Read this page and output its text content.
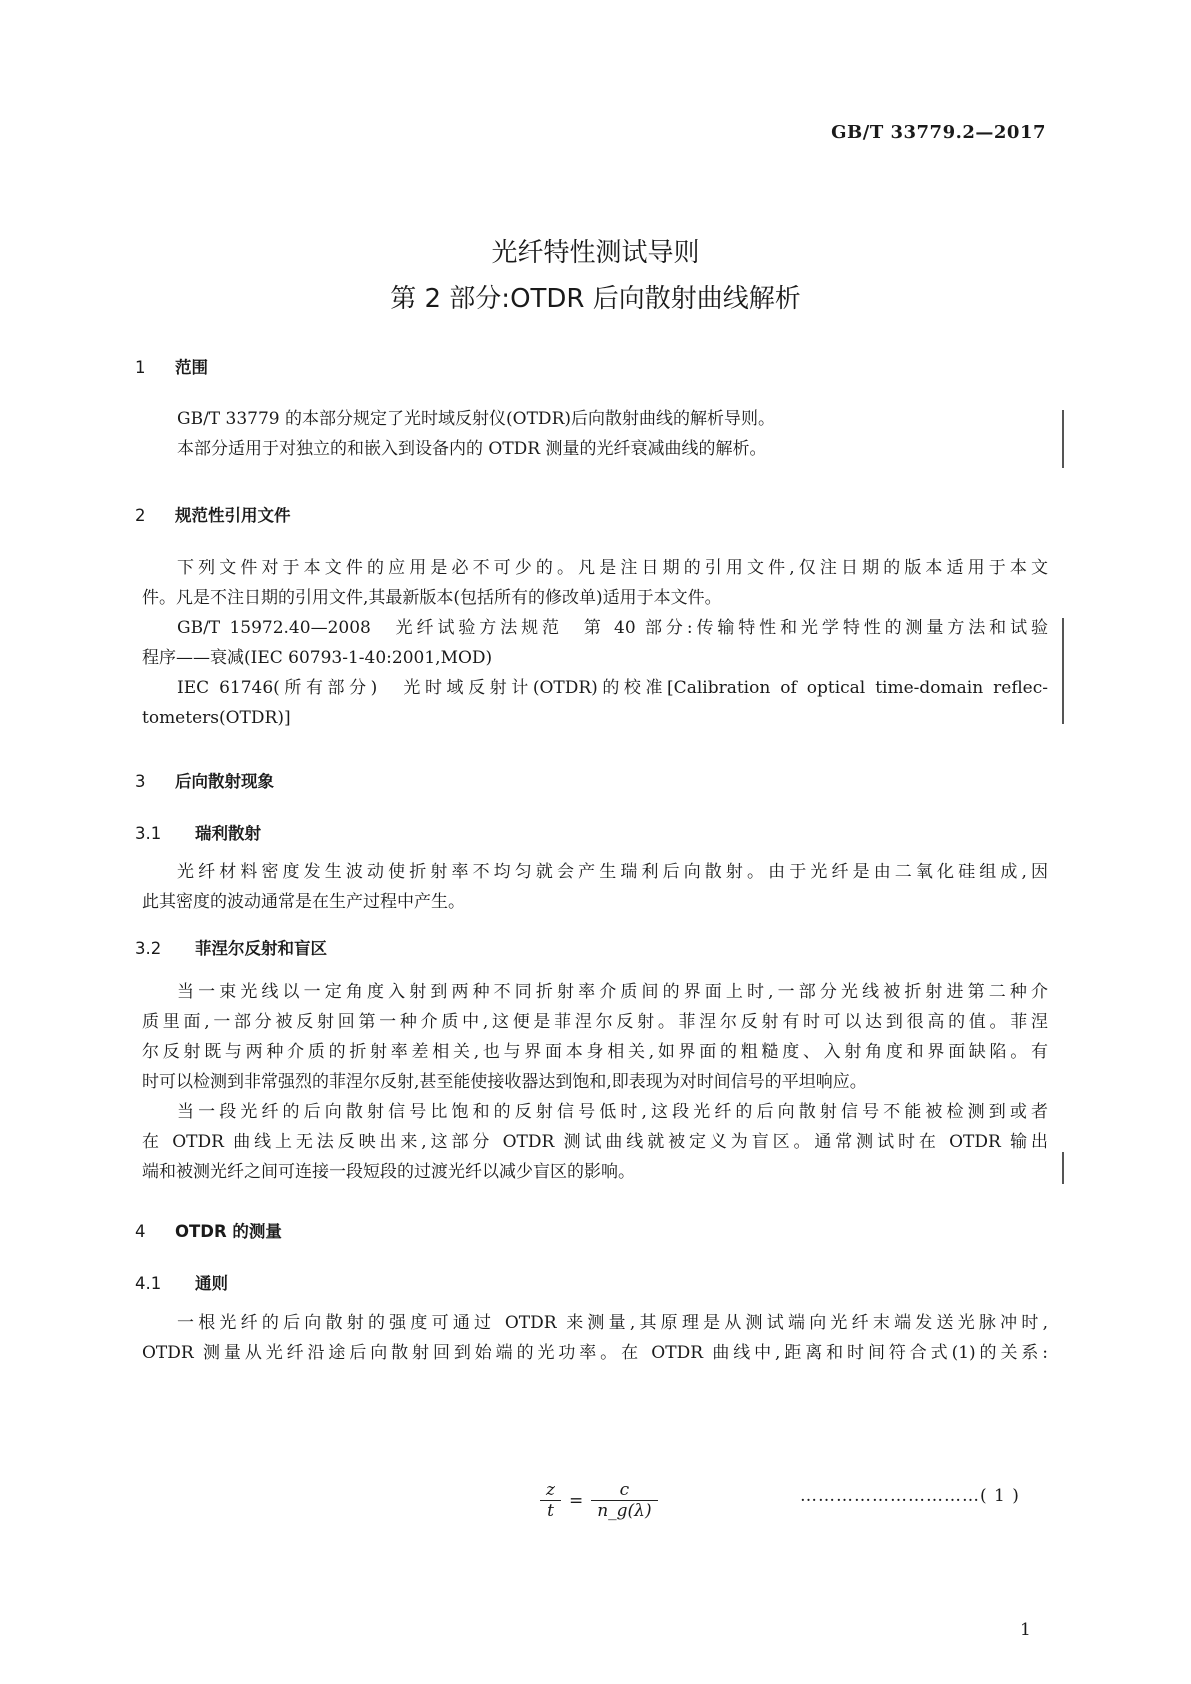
GB/T 33779.2—2017
光纤特性测试导则
第 2 部分:OTDR 后向散射曲线解析
1 范围
GB/T 33779 的本部分规定了光时域反射仪(OTDR)后向散射曲线的解析导则。
本部分适用于对独立的和嵌入到设备内的 OTDR 测量的光纤衰减曲线的解析。
2 规范性引用文件
下列文件对于本文件的应用是必不可少的。凡是注日期的引用文件,仅注日期的版本适用于本文
件。凡是不注日期的引用文件,其最新版本(包括所有的修改单)适用于本文件。
GB/T 15972.40—2008　光纤试验方法规范　第 40 部分:传输特性和光学特性的测量方法和试验
程序——衰减(IEC 60793-1-40:2001,MOD)
IEC 61746(所有部分)　光时域反射计(OTDR)的校准[Calibration of optical time-domain reflec-
tometers(OTDR)]
3 后向散射现象
3.1 瑞利散射
光纤材料密度发生波动使折射率不均匀就会产生瑞利后向散射。由于光纤是由二氧化硅组成,因
此其密度的波动通常是在生产过程中产生。
3.2 菲涅尔反射和盲区
当一束光线以一定角度入射到两种不同折射率介质间的界面上时,一部分光线被折射进第二种介
质里面,一部分被反射回第一种介质中,这便是菲涅尔反射。菲涅尔反射有时可以达到很高的值。菲涅
尔反射既与两种介质的折射率差相关,也与界面本身相关,如界面的粗糙度、入射角度和界面缺陷。有
时可以检测到非常强烈的菲涅尔反射,甚至能使接收器达到饱和,即表现为对时间信号的平坦响应。
当一段光纤的后向散射信号比饱和的反射信号低时,这段光纤的后向散射信号不能被检测到或者
在 OTDR 曲线上无法反映出来,这部分 OTDR 测试曲线就被定义为盲区。通常测试时在 OTDR 输出
端和被测光纤之间可连接一段短段的过渡光纤以减少盲区的影响。
4 OTDR 的测量
4.1 通则
一根光纤的后向散射的强度可通过 OTDR 来测量,其原理是从测试端向光纤末端发送光脉冲时,
OTDR 测量从光纤沿途后向散射回到始端的光功率。在 OTDR 曲线中,距离和时间符合式(1)的关系:
$\frac{z}{t} = \frac{c}{n\_g(\lambda)}$	…………………………( 1 )
1
